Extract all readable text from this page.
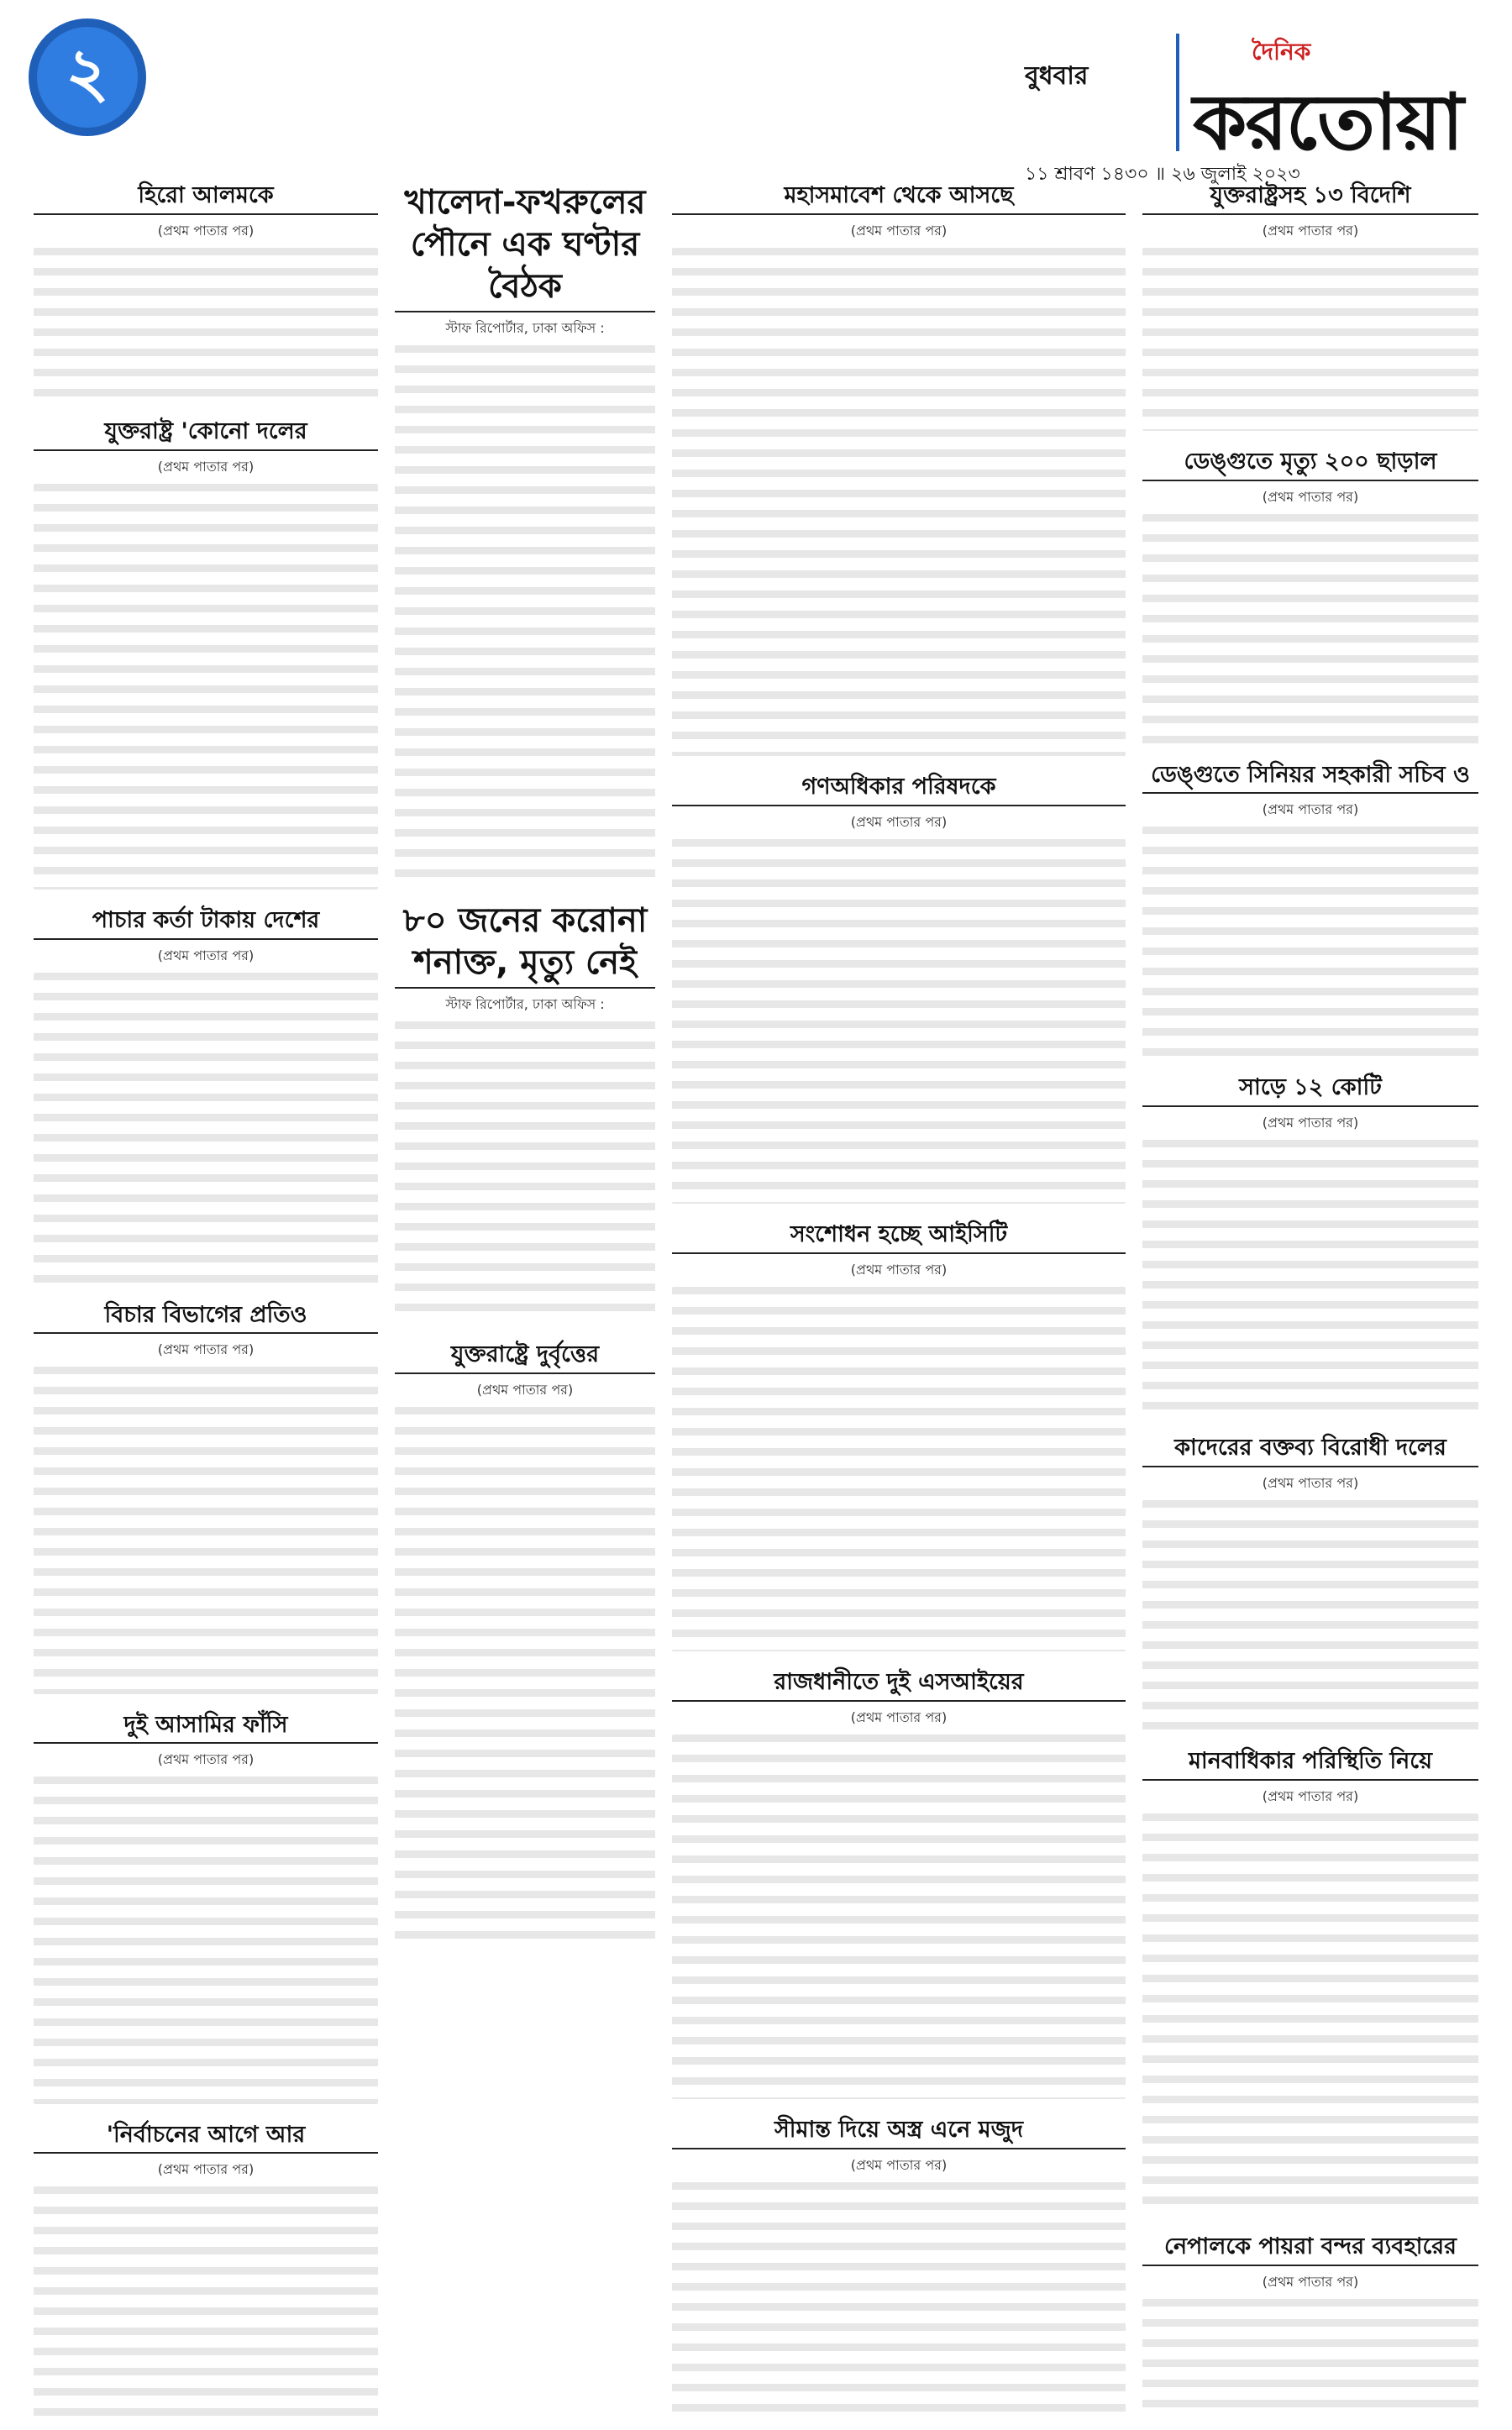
২	বুধবার
১১ শ্রাবণ ১৪৩০ ॥ ২৬ জুলাই ২০২৩
দৈনিক
করতোয়া
হিরো আলমকে
(প্রথম পাতার পর)
যুক্তরাষ্ট্র 'কোনো দলের
(প্রথম পাতার পর)
পাচার কর্তা টাকায় দেশের
(প্রথম পাতার পর)
বিচার বিভাগের প্রতিও
(প্রথম পাতার পর)
দুই আসামির ফাঁসি
(প্রথম পাতার পর)
'নির্বাচনের আগে আর
(প্রথম পাতার পর)
খালেদা-ফখরুলের পৌনে এক ঘণ্টার বৈঠক
স্টাফ রিপোর্টার, ঢাকা অফিস :
৮০ জনের করোনা শনাক্ত, মৃত্যু নেই
স্টাফ রিপোর্টার, ঢাকা অফিস :
যুক্তরাষ্ট্রে দুর্বৃত্তের
(প্রথম পাতার পর)
মহাসমাবেশ থেকে আসছে
(প্রথম পাতার পর)
গণঅধিকার পরিষদকে
(প্রথম পাতার পর)
সংশোধন হচ্ছে আইসিটি
(প্রথম পাতার পর)
রাজধানীতে দুই এসআইয়ের
(প্রথম পাতার পর)
সীমান্ত দিয়ে অস্ত্র এনে মজুদ
(প্রথম পাতার পর)
যুক্তরাষ্ট্রসহ ১৩ বিদেশি
(প্রথম পাতার পর)
ডেঙ্গুতে মৃত্যু ২০০ ছাড়াল
(প্রথম পাতার পর)
ডেঙ্গুতে সিনিয়র সহকারী সচিব ও
(প্রথম পাতার পর)
সাড়ে ১২ কোটি
(প্রথম পাতার পর)
কাদেরের বক্তব্য বিরোধী দলের
(প্রথম পাতার পর)
মানবাধিকার পরিস্থিতি নিয়ে
(প্রথম পাতার পর)
নেপালকে পায়রা বন্দর ব্যবহারের
(প্রথম পাতার পর)
